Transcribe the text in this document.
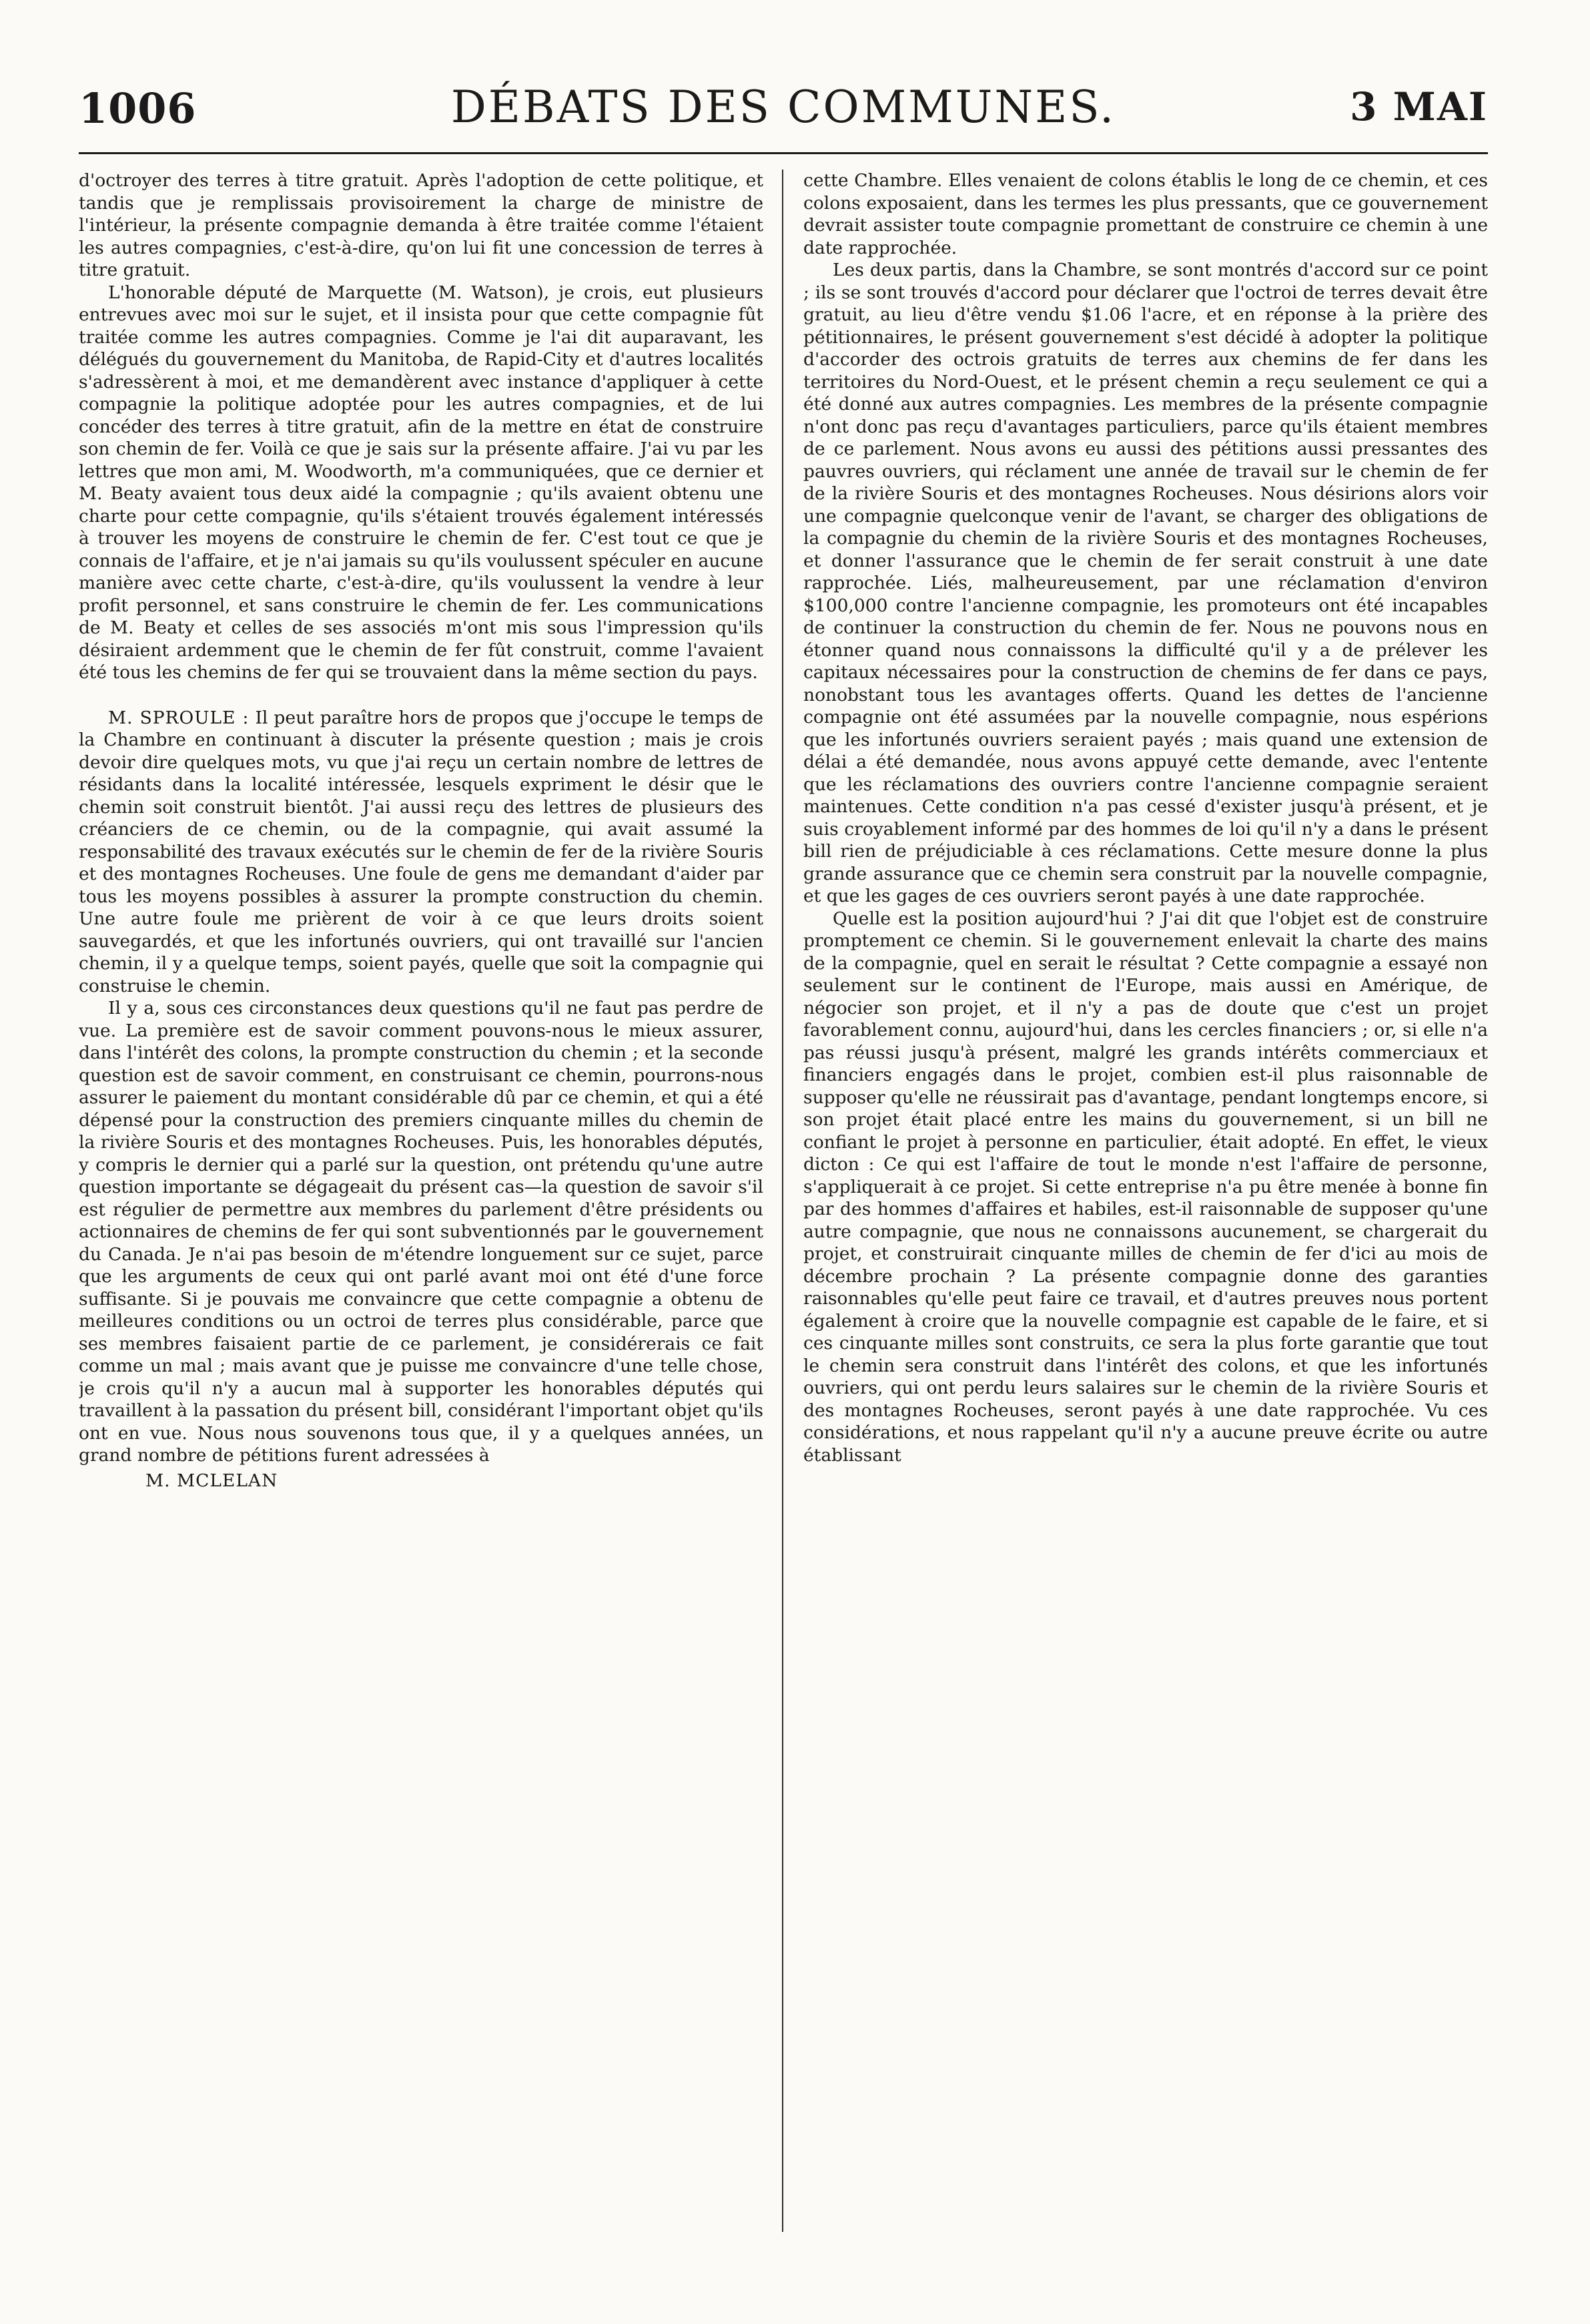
1006	DÉBATS DES COMMUNES.	3 MAI

d'octroyer des terres à titre gratuit. Après l'adoption de cette politique, et tandis que je remplissais provisoirement la charge de ministre de l'intérieur, la présente compagnie demanda à être traitée comme l'étaient les autres compagnies, c'est-à-dire, qu'on lui fit une concession de terres à titre gratuit.

L'honorable député de Marquette (M. Watson), je crois, eut plusieurs entrevues avec moi sur le sujet, et il insista pour que cette compagnie fût traitée comme les autres compagnies. Comme je l'ai dit auparavant, les délégués du gouvernement du Manitoba, de Rapid-City et d'autres localités s'adressèrent à moi, et me demandèrent avec instance d'appliquer à cette compagnie la politique adoptée pour les autres compagnies, et de lui concéder des terres à titre gratuit, afin de la mettre en état de construire son chemin de fer. Voilà ce que je sais sur la présente affaire. J'ai vu par les lettres que mon ami, M. Woodworth, m'a communiquées, que ce dernier et M. Beaty avaient tous deux aidé la compagnie ; qu'ils avaient obtenu une charte pour cette compagnie, qu'ils s'étaient trouvés également intéressés à trouver les moyens de construire le chemin de fer. C'est tout ce que je connais de l'affaire, et je n'ai jamais su qu'ils voulussent spéculer en aucune manière avec cette charte, c'est-à-dire, qu'ils voulussent la vendre à leur profit personnel, et sans construire le chemin de fer. Les communications de M. Beaty et celles de ses associés m'ont mis sous l'impression qu'ils désiraient ardemment que le chemin de fer fût construit, comme l'avaient été tous les chemins de fer qui se trouvaient dans la même section du pays.

M. SPROULE : Il peut paraître hors de propos que j'occupe le temps de la Chambre en continuant à discuter la présente question ; mais je crois devoir dire quelques mots, vu que j'ai reçu un certain nombre de lettres de résidants dans la localité intéressée, lesquels expriment le désir que le chemin soit construit bientôt. J'ai aussi reçu des lettres de plusieurs des créanciers de ce chemin, ou de la compagnie, qui avait assumé la responsabilité des travaux exécutés sur le chemin de fer de la rivière Souris et des montagnes Rocheuses. Une foule de gens me demandant d'aider par tous les moyens possibles à assurer la prompte construction du chemin. Une autre foule me prièrent de voir à ce que leurs droits soient sauvegardés, et que les infortunés ouvriers, qui ont travaillé sur l'ancien chemin, il y a quelque temps, soient payés, quelle que soit la compagnie qui construise le chemin.

Il y a, sous ces circonstances deux questions qu'il ne faut pas perdre de vue. La première est de savoir comment pouvons-nous le mieux assurer, dans l'intérêt des colons, la prompte construction du chemin ; et la seconde question est de savoir comment, en construisant ce chemin, pourrons-nous assurer le paiement du montant considérable dû par ce chemin, et qui a été dépensé pour la construction des premiers cinquante milles du chemin de la rivière Souris et des montagnes Rocheuses. Puis, les honorables députés, y compris le dernier qui a parlé sur la question, ont prétendu qu'une autre question importante se dégageait du présent cas—la question de savoir s'il est régulier de permettre aux membres du parlement d'être présidents ou actionnaires de chemins de fer qui sont subventionnés par le gouvernement du Canada. Je n'ai pas besoin de m'étendre longuement sur ce sujet, parce que les arguments de ceux qui ont parlé avant moi ont été d'une force suffisante. Si je pouvais me convaincre que cette compagnie a obtenu de meilleures conditions ou un octroi de terres plus considérable, parce que ses membres faisaient partie de ce parlement, je considérerais ce fait comme un mal ; mais avant que je puisse me convaincre d'une telle chose, je crois qu'il n'y a aucun mal à supporter les honorables députés qui travaillent à la passation du présent bill, considérant l'important objet qu'ils ont en vue. Nous nous souvenons tous que, il y a quelques années, un grand nombre de pétitions furent adressées à

M. MCLELAN

cette Chambre. Elles venaient de colons établis le long de ce chemin, et ces colons exposaient, dans les termes les plus pressants, que ce gouvernement devrait assister toute compagnie promettant de construire ce chemin à une date rapprochée.

Les deux partis, dans la Chambre, se sont montrés d'accord sur ce point ; ils se sont trouvés d'accord pour déclarer que l'octroi de terres devait être gratuit, au lieu d'être vendu $1.06 l'acre, et en réponse à la prière des pétitionnaires, le présent gouvernement s'est décidé à adopter la politique d'accorder des octrois gratuits de terres aux chemins de fer dans les territoires du Nord-Ouest, et le présent chemin a reçu seulement ce qui a été donné aux autres compagnies. Les membres de la présente compagnie n'ont donc pas reçu d'avantages particuliers, parce qu'ils étaient membres de ce parlement. Nous avons eu aussi des pétitions aussi pressantes des pauvres ouvriers, qui réclament une année de travail sur le chemin de fer de la rivière Souris et des montagnes Rocheuses. Nous désirions alors voir une compagnie quelconque venir de l'avant, se charger des obligations de la compagnie du chemin de la rivière Souris et des montagnes Rocheuses, et donner l'assurance que le chemin de fer serait construit à une date rapprochée. Liés, malheureusement, par une réclamation d'environ $100,000 contre l'ancienne compagnie, les promoteurs ont été incapables de continuer la construction du chemin de fer. Nous ne pouvons nous en étonner quand nous connaissons la difficulté qu'il y a de prélever les capitaux nécessaires pour la construction de chemins de fer dans ce pays, nonobstant tous les avantages offerts. Quand les dettes de l'ancienne compagnie ont été assumées par la nouvelle compagnie, nous espérions que les infortunés ouvriers seraient payés ; mais quand une extension de délai a été demandée, nous avons appuyé cette demande, avec l'entente que les réclamations des ouvriers contre l'ancienne compagnie seraient maintenues. Cette condition n'a pas cessé d'exister jusqu'à présent, et je suis croyablement informé par des hommes de loi qu'il n'y a dans le présent bill rien de préjudiciable à ces réclamations. Cette mesure donne la plus grande assurance que ce chemin sera construit par la nouvelle compagnie, et que les gages de ces ouvriers seront payés à une date rapprochée.

Quelle est la position aujourd'hui ? J'ai dit que l'objet est de construire promptement ce chemin. Si le gouvernement enlevait la charte des mains de la compagnie, quel en serait le résultat ? Cette compagnie a essayé non seulement sur le continent de l'Europe, mais aussi en Amérique, de négocier son projet, et il n'y a pas de doute que c'est un projet favorablement connu, aujourd'hui, dans les cercles financiers ; or, si elle n'a pas réussi jusqu'à présent, malgré les grands intérêts commerciaux et financiers engagés dans le projet, combien est-il plus raisonnable de supposer qu'elle ne réussirait pas d'avantage, pendant longtemps encore, si son projet était placé entre les mains du gouvernement, si un bill ne confiant le projet à personne en particulier, était adopté. En effet, le vieux dicton : Ce qui est l'affaire de tout le monde n'est l'affaire de personne, s'appliquerait à ce projet. Si cette entreprise n'a pu être menée à bonne fin par des hommes d'affaires et habiles, est-il raisonnable de supposer qu'une autre compagnie, que nous ne connaissons aucunement, se chargerait du projet, et construirait cinquante milles de chemin de fer d'ici au mois de décembre prochain ? La présente compagnie donne des garanties raisonnables qu'elle peut faire ce travail, et d'autres preuves nous portent également à croire que la nouvelle compagnie est capable de le faire, et si ces cinquante milles sont construits, ce sera la plus forte garantie que tout le chemin sera construit dans l'intérêt des colons, et que les infortunés ouvriers, qui ont perdu leurs salaires sur le chemin de la rivière Souris et des montagnes Rocheuses, seront payés à une date rapprochée. Vu ces considérations, et nous rappelant qu'il n'y a aucune preuve écrite ou autre établissant
